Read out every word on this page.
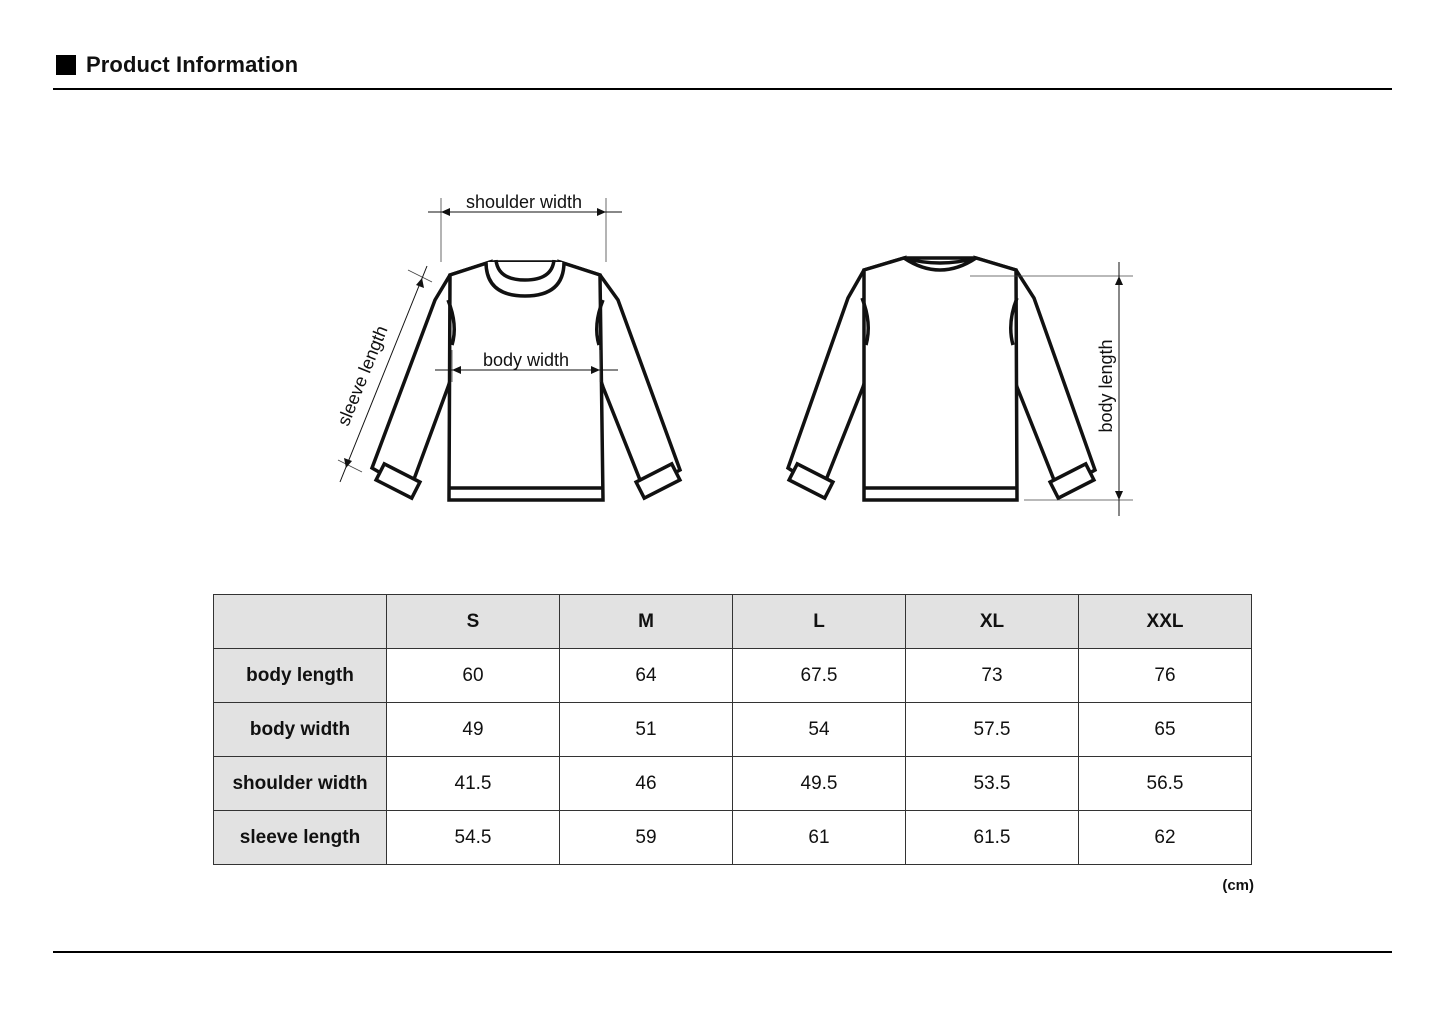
Product Information
shoulder width
body width
sleeve length	body length
	S	M	L	XL	XXL
body length	60	64	67.5	73	76
body width	49	51	54	57.5	65
shoulder width	41.5	46	49.5	53.5	56.5
sleeve length	54.5	59	61	61.5	62
(cm)
